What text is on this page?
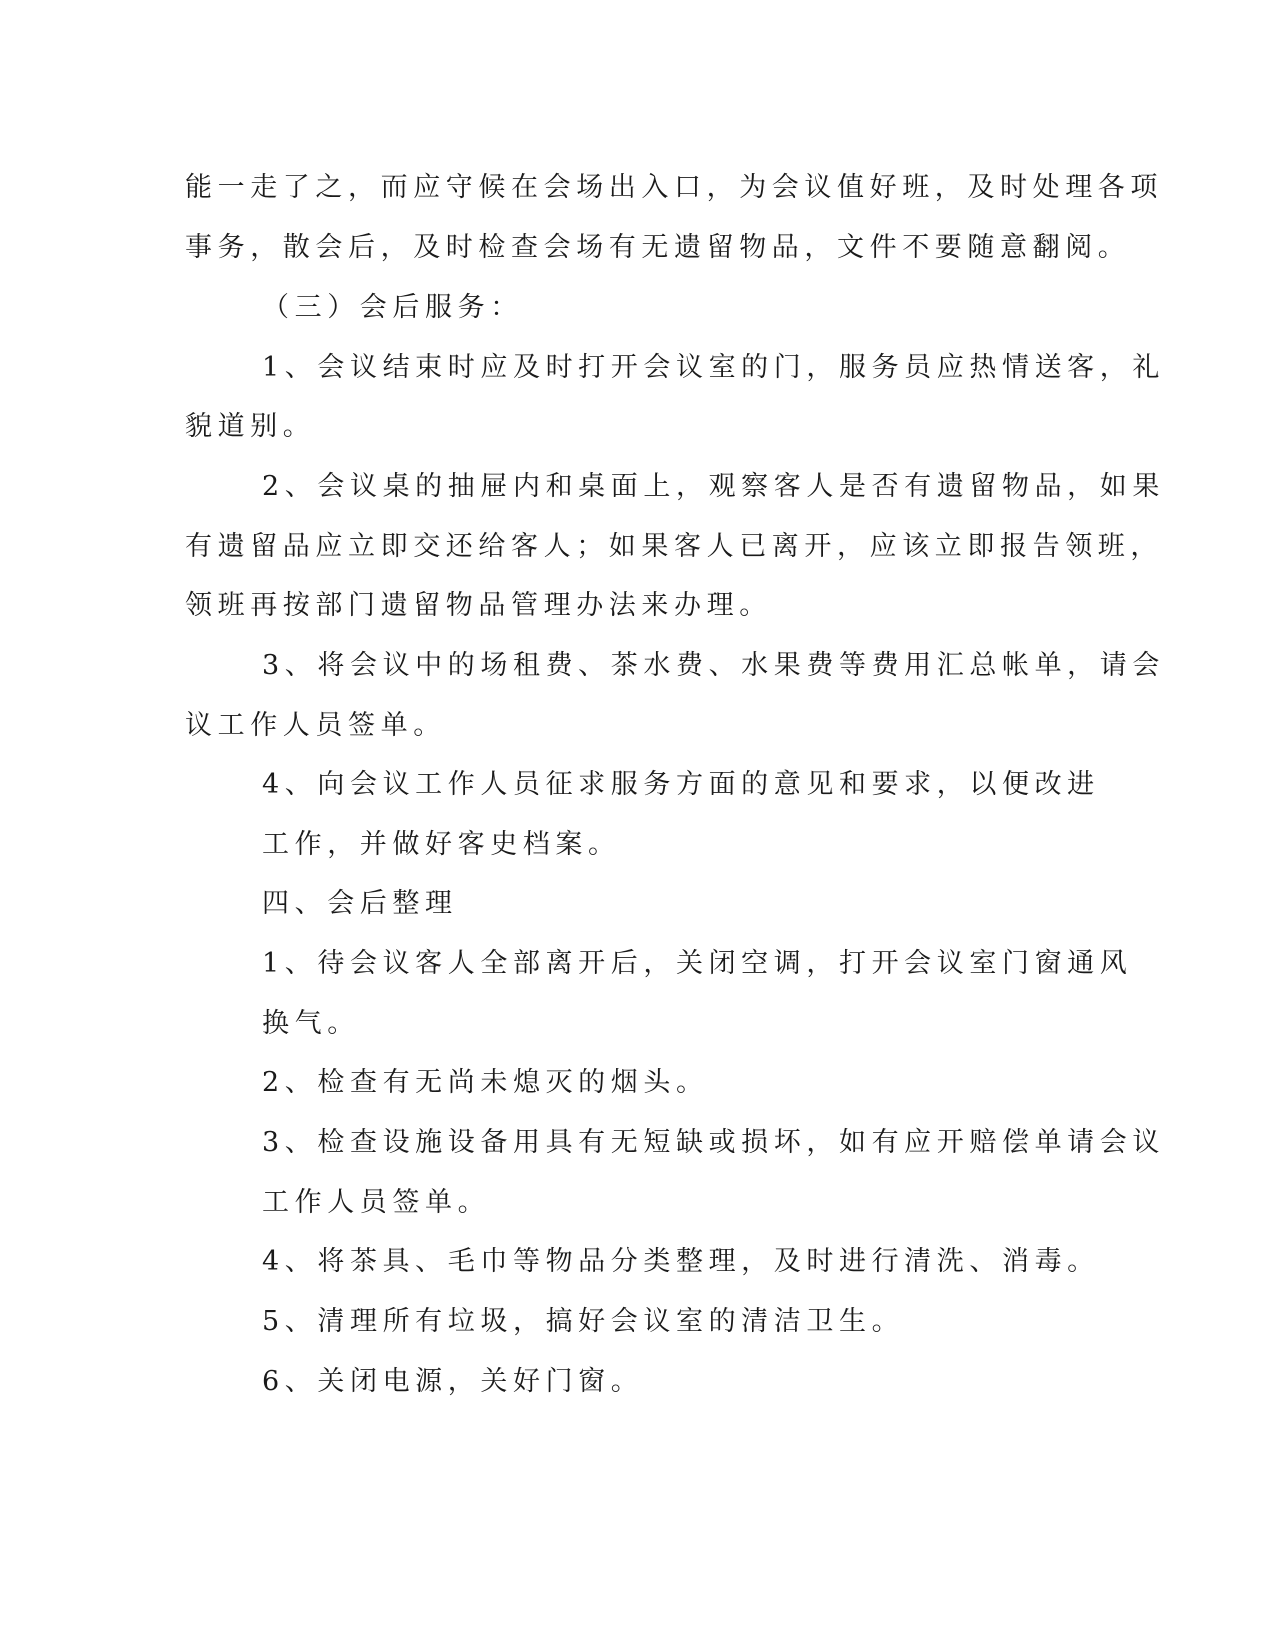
能一走了之，而应守候在会场出入口，为会议值好班，及时处理各项

事务，散会后，及时检查会场有无遗留物品，文件不要随意翻阅。

（三）会后服务：

1、会议结束时应及时打开会议室的门，服务员应热情送客，礼

貌道别。

2、会议桌的抽屉内和桌面上，观察客人是否有遗留物品，如果

有遗留品应立即交还给客人；如果客人已离开，应该立即报告领班，

领班再按部门遗留物品管理办法来办理。

3、将会议中的场租费、茶水费、水果费等费用汇总帐单，请会

议工作人员签单。

4、向会议工作人员征求服务方面的意见和要求，以便改进

工作，并做好客史档案。

四、会后整理

1、待会议客人全部离开后，关闭空调，打开会议室门窗通风

换气。

2、检查有无尚未熄灭的烟头。

3、检查设施设备用具有无短缺或损坏，如有应开赔偿单请会议

工作人员签单。

4、将茶具、毛巾等物品分类整理，及时进行清洗、消毒。

5、清理所有垃圾，搞好会议室的清洁卫生。

6、关闭电源，关好门窗。
